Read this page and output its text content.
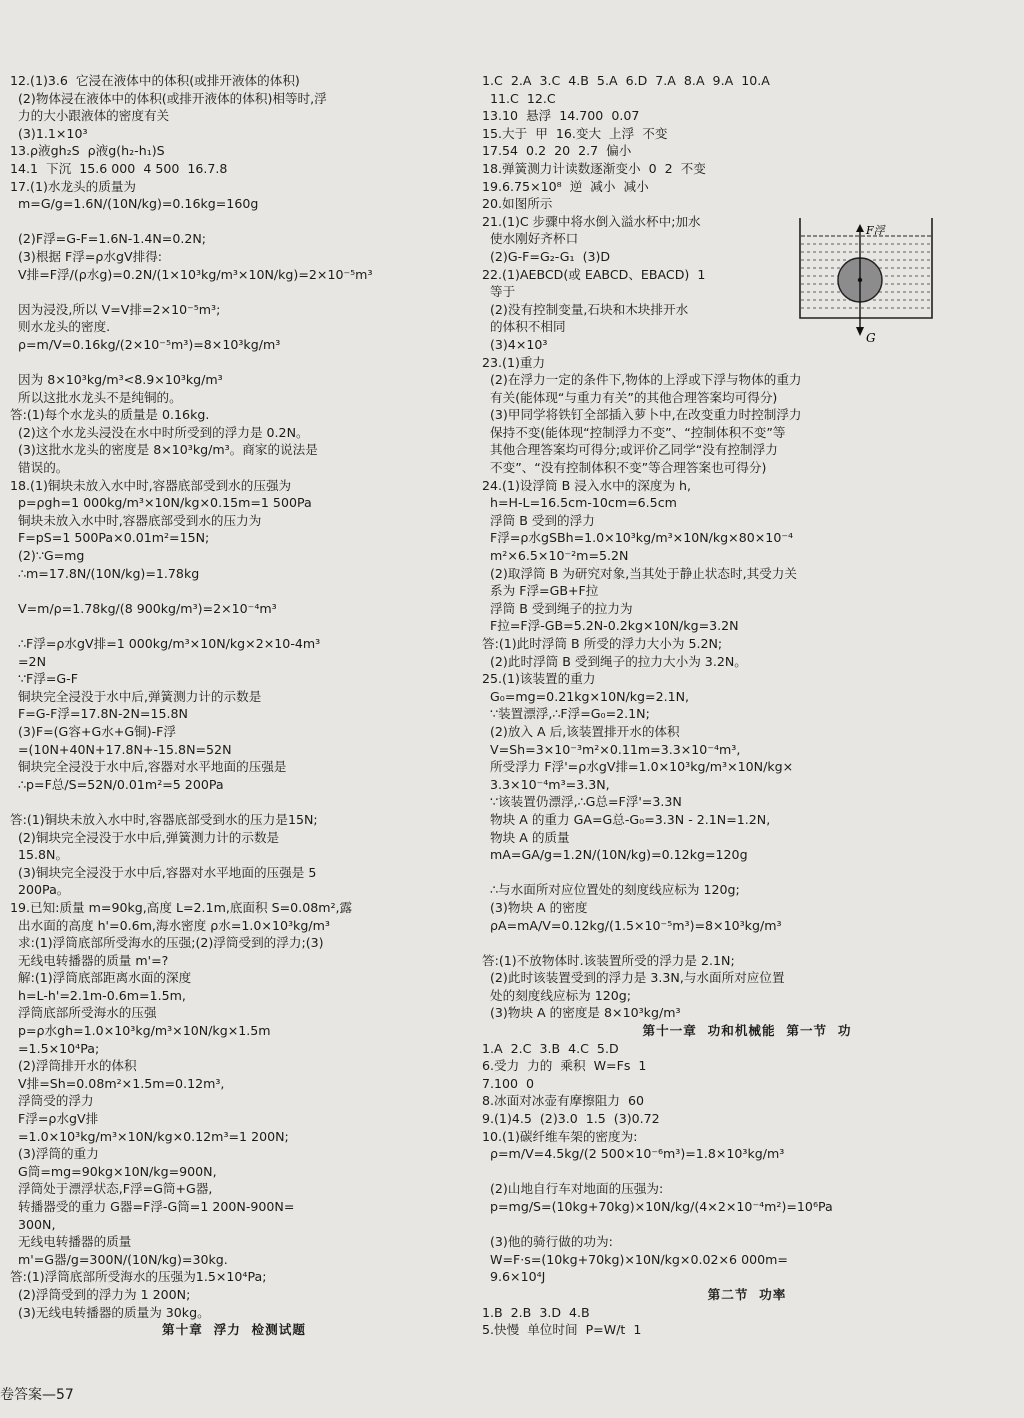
12.(1)3.6  它浸在液体中的体积(或排开液体的体积)
(2)物体浸在液体中的体积(或排开液体的体积)相等时,浮
力的大小跟液体的密度有关
(3)1.1×10³
13.ρ液gh₂S  ρ液g(h₂-h₁)S
14.1  下沉  15.6 000  4 500  16.7.8
17.(1)水龙头的质量为
m=G/g=1.6N/(10N/kg)=0.16kg=160g
(2)F浮=G-F=1.6N-1.4N=0.2N;
(3)根据 F浮=ρ水gV排得:
V排=F浮/(ρ水g)=0.2N/(1×10³kg/m³×10N/kg)=2×10⁻⁵m³
因为浸没,所以 V=V排=2×10⁻⁵m³;
则水龙头的密度.
ρ=m/V=0.16kg/(2×10⁻⁵m³)=8×10³kg/m³
因为 8×10³kg/m³<8.9×10³kg/m³
所以这批水龙头不是纯铜的。
答:(1)每个水龙头的质量是 0.16kg.
(2)这个水龙头浸没在水中时所受到的浮力是 0.2N。
(3)这批水龙头的密度是 8×10³kg/m³。商家的说法是
错误的。
18.(1)铜块未放入水中时,容器底部受到水的压强为
p=ρgh=1 000kg/m³×10N/kg×0.15m=1 500Pa
铜块未放入水中时,容器底部受到水的压力为
F=pS=1 500Pa×0.01m²=15N;
(2)∵G=mg
∴m=17.8N/(10N/kg)=1.78kg
V=m/ρ=1.78kg/(8 900kg/m³)=2×10⁻⁴m³
∴F浮=ρ水gV排=1 000kg/m³×10N/kg×2×10-4m³
=2N
∵F浮=G-F
铜块完全浸没于水中后,弹簧测力计的示数是
F=G-F浮=17.8N-2N=15.8N
(3)F=(G容+G水+G铜)-F浮
=(10N+40N+17.8N+-15.8N=52N
铜块完全浸没于水中后,容器对水平地面的压强是
∴p=F总/S=52N/0.01m²=5 200Pa
答:(1)铜块未放入水中时,容器底部受到水的压力是15N;
(2)铜块完全浸没于水中后,弹簧测力计的示数是
15.8N。
(3)铜块完全浸没于水中后,容器对水平地面的压强是 5
200Pa。
19.已知:质量 m=90kg,高度 L=2.1m,底面积 S=0.08m²,露
出水面的高度 h'=0.6m,海水密度 ρ水=1.0×10³kg/m³
求:(1)浮筒底部所受海水的压强;(2)浮筒受到的浮力;(3)
无线电转播器的质量 m'=?
解:(1)浮筒底部距离水面的深度
h=L-h'=2.1m-0.6m=1.5m,
浮筒底部所受海水的压强
p=ρ水gh=1.0×10³kg/m³×10N/kg×1.5m
=1.5×10⁴Pa;
(2)浮筒排开水的体积
V排=Sh=0.08m²×1.5m=0.12m³,
浮筒受的浮力
F浮=ρ水gV排
=1.0×10³kg/m³×10N/kg×0.12m³=1 200N;
(3)浮筒的重力
G筒=mg=90kg×10N/kg=900N,
浮筒处于漂浮状态,F浮=G筒+G器,
转播器受的重力 G器=F浮-G筒=1 200N-900N=
300N,
无线电转播器的质量
m'=G器/g=300N/(10N/kg)=30kg.
答:(1)浮筒底部所受海水的压强为1.5×10⁴Pa;
(2)浮筒受到的浮力为 1 200N;
(3)无线电转播器的质量为 30kg。
第十章  浮力  检测试题
1.C  2.A  3.C  4.B  5.A  6.D  7.A  8.A  9.A  10.A
11.C  12.C
13.10  悬浮  14.700  0.07
15.大于  甲  16.变大  上浮  不变
17.54  0.2  20  2.7  偏小
18.弹簧测力计读数逐渐变小  0  2  不变
19.6.75×10⁸  逆  减小  减小
20.如图所示
21.(1)C 步骤中将水倒入溢水杯中;加水
使水刚好齐杯口
(2)G-F=G₂-G₁  (3)D
22.(1)AEBCD(或 EABCD、EBACD)  1
等于
(2)没有控制变量,石块和木块排开水
的体积不相同
(3)4×10³
23.(1)重力
(2)在浮力一定的条件下,物体的上浮或下浮与物体的重力
有关(能体现“与重力有关”的其他合理答案均可得分)
(3)甲同学将铁钉全部插入萝卜中,在改变重力时控制浮力
保持不变(能体现“控制浮力不变”、“控制体积不变”等
其他合理答案均可得分;或评价乙同学“没有控制浮力
不变”、“没有控制体积不变”等合理答案也可得分)
24.(1)设浮筒 B 浸入水中的深度为 h,
h=H-L=16.5cm-10cm=6.5cm
浮筒 B 受到的浮力
F浮=ρ水gSBh=1.0×10³kg/m³×10N/kg×80×10⁻⁴
m²×6.5×10⁻²m=5.2N
(2)取浮筒 B 为研究对象,当其处于静止状态时,其受力关
系为 F浮=GB+F拉
浮筒 B 受到绳子的拉力为
F拉=F浮-GB=5.2N-0.2kg×10N/kg=3.2N
答:(1)此时浮筒 B 所受的浮力大小为 5.2N;
(2)此时浮筒 B 受到绳子的拉力大小为 3.2N。
25.(1)该装置的重力
G₀=mg=0.21kg×10N/kg=2.1N,
∵装置漂浮,∴F浮=G₀=2.1N;
(2)放入 A 后,该装置排开水的体积
V=Sh=3×10⁻³m²×0.11m=3.3×10⁻⁴m³,
所受浮力 F浮'=ρ水gV排=1.0×10³kg/m³×10N/kg×
3.3×10⁻⁴m³=3.3N,
∵该装置仍漂浮,∴G总=F浮'=3.3N
物块 A 的重力 GA=G总-G₀=3.3N - 2.1N=1.2N,
物块 A 的质量
mA=GA/g=1.2N/(10N/kg)=0.12kg=120g
∴与水面所对应位置处的刻度线应标为 120g;
(3)物块 A 的密度
ρA=mA/V=0.12kg/(1.5×10⁻⁵m³)=8×10³kg/m³
答:(1)不放物体时.该装置所受的浮力是 2.1N;
(2)此时该装置受到的浮力是 3.3N,与水面所对应位置
处的刻度线应标为 120g;
(3)物块 A 的密度是 8×10³kg/m³
第十一章  功和机械能  第一节  功
1.A  2.C  3.B  4.C  5.D
6.受力  力的  乘积  W=Fs  1
7.100  0
8.冰面对冰壶有摩擦阻力  60
9.(1)4.5  (2)3.0  1.5  (3)0.72
10.(1)碳纤维车架的密度为:
ρ=m/V=4.5kg/(2 500×10⁻⁶m³)=1.8×10³kg/m³
(2)山地自行车对地面的压强为:
p=mg/S=(10kg+70kg)×10N/kg/(4×2×10⁻⁴m²)=10⁶Pa
(3)他的骑行做的功为:
W=F·s=(10kg+70kg)×10N/kg×0.02×6 000m=
9.6×10⁴J
第二节  功率
1.B  2.B  3.D  4.B
5.快慢  单位时间  P=W/t  1
F浮
G
卷答案—57
